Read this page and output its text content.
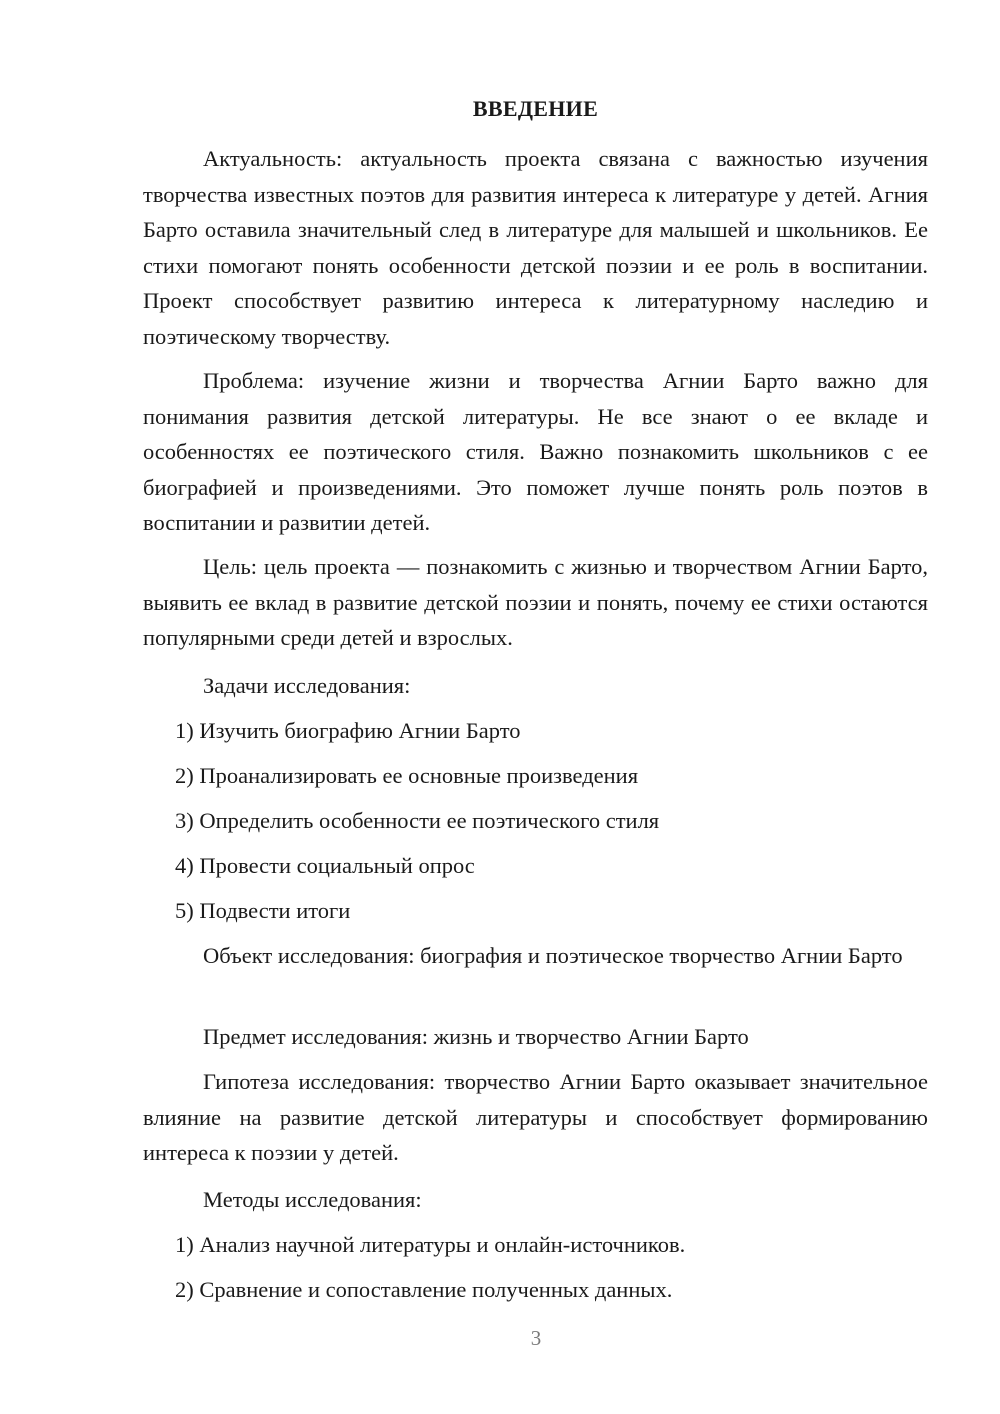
ВВЕДЕНИЕ

Актуальность: актуальность проекта связана с важностью изучения творчества известных поэтов для развития интереса к литературе у детей. Агния Барто оставила значительный след в литературе для малышей и школьников. Ее стихи помогают понять особенности детской поэзии и ее роль в воспитании. Проект способствует развитию интереса к литературному наследию и поэтическому творчеству.

Проблема: изучение жизни и творчества Агнии Барто важно для понимания развития детской литературы. Не все знают о ее вкладе и особенностях ее поэтического стиля. Важно познакомить школьников с ее биографией и произведениями. Это поможет лучше понять роль поэтов в воспитании и развитии детей.

Цель: цель проекта — познакомить с жизнью и творчеством Агнии Барто, выявить ее вклад в развитие детской поэзии и понять, почему ее стихи остаются популярными среди детей и взрослых.

Задачи исследования:
1) Изучить биографию Агнии Барто
2) Проанализировать ее основные произведения
3) Определить особенности ее поэтического стиля
4) Провести социальный опрос
5) Подвести итоги

Объект исследования: биография и поэтическое творчество Агнии Барто

Предмет исследования: жизнь и творчество Агнии Барто

Гипотеза исследования: творчество Агнии Барто оказывает значительное влияние на развитие детской литературы и способствует формированию интереса к поэзии у детей.

Методы исследования:
1) Анализ научной литературы и онлайн-источников.
2) Сравнение и сопоставление полученных данных.
3
